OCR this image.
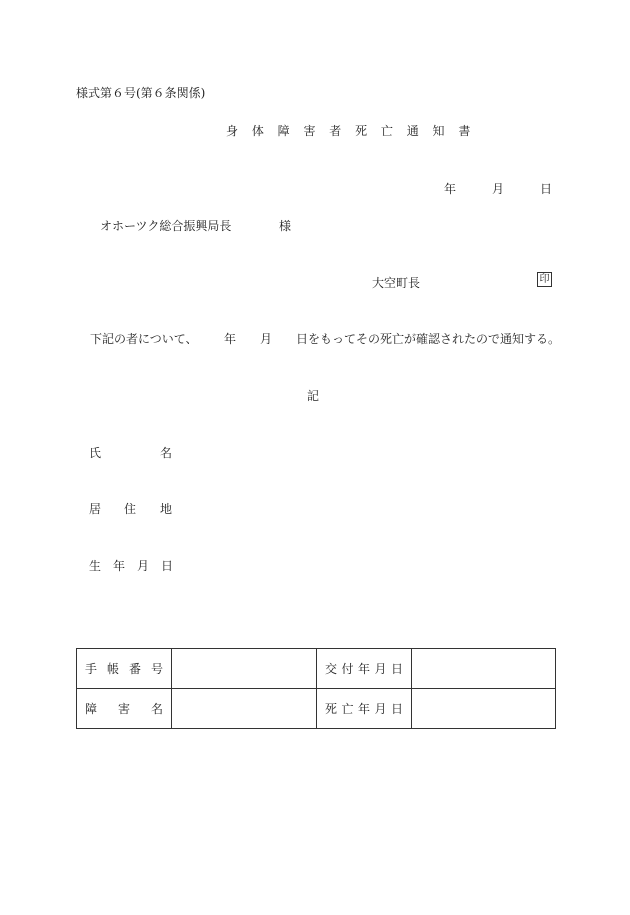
様式第６号(第６条関係)
身 体 障 害 者 死 亡 通 知 書
年	月	日
オホーツク総合振興局長	様
大空町長	印
下記の者について、 年 月 日をもってその死亡が確認されたので通知する。
記
氏	名
居 住 地
生 年 月 日
手 帳 番 号		交 付 年 月 日	

障 害 名		死 亡 年 月 日	
